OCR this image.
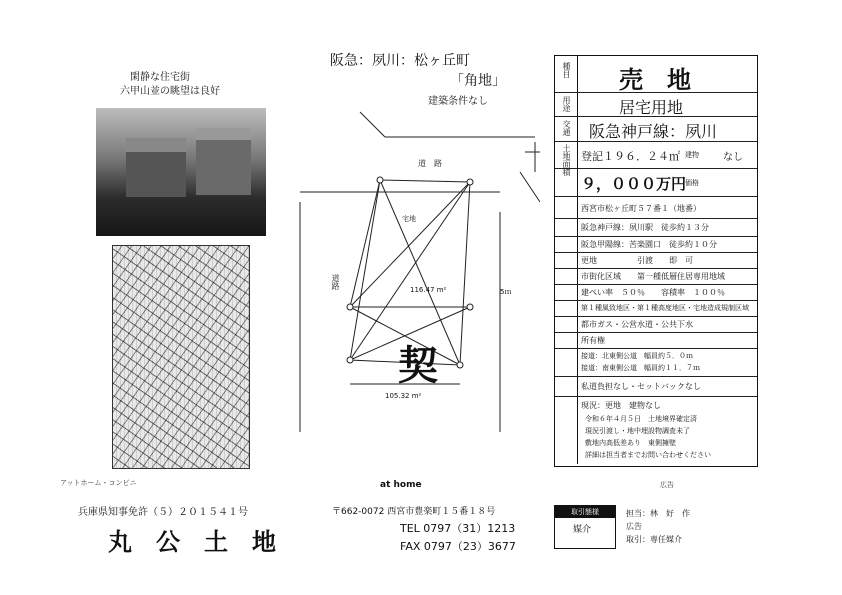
閑静な住宅街
六甲山並の眺望は良好
アットホーム・コンビニ
兵庫県知事免許（５）２０１５４１号
丸　公　土　地
阪急：夙川：松ヶ丘町
「角地」
建築条件なし
道　路
道路
5ｍ
宅地
116.47 m²
契
105.32 m²
at home
〒662-0072 西宮市豊楽町１５番１８号
TEL 0797（31）1213
FAX 0797（23）3677
種目 売　地
用途	居宅用地
交通 阪急神戸線：夙川
土地面積 登記１９６．２４㎡ 建物 なし
価格
９，０００万円
西宮市松ヶ丘町５７番１（地番）
阪急神戸線：夙川駅　徒歩約１３分
阪急甲陽線：苦楽園口　徒歩約１０分
更地　　　　　引渡　　即　可
市街化区域　　第一種低層住居専用地域
建ぺい率　５０％　　容積率　１００％
第１種風致地区・第１種高度地区・宅地造成規制区域
都市ガス・公営水道・公共下水
所有権
接道：北東側公道　幅員約５．０ｍ
接道：南東側公道　幅員約１１．７ｍ
私道負担なし・セットバックなし
現況：更地　建物なし
令和６年４月５日　土地境界確定済
現況引渡し・地中埋設物調査未了
敷地内高低差あり　東側擁壁
詳細は担当者までお問い合わせください
広告
取引態様
媒介
担当：林　好　作
広告
取引：専任媒介
